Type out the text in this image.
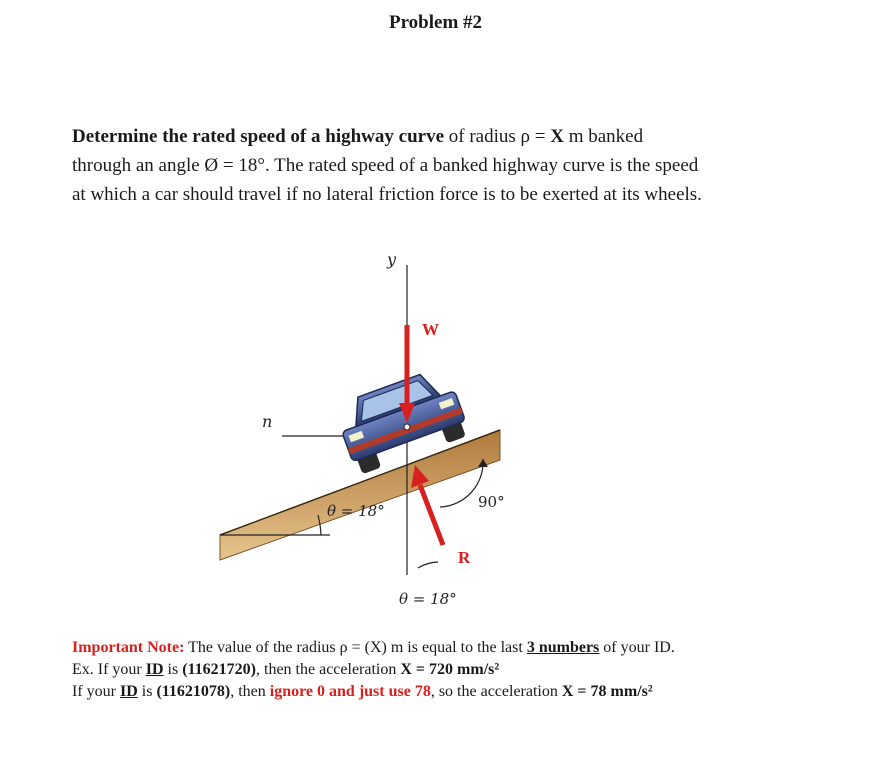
Problem #2
Determine the rated speed of a highway curve of radius ρ = X m banked
through an angle Ø = 18°. The rated speed of a banked highway curve is the speed
at which a car should travel if no lateral friction force is to be exerted at its wheels.
n
y
W
R
90°
θ = 18°
θ = 18°
Important Note: The value of the radius ρ = (X) m is equal to the last 3 numbers of your ID.
Ex. If your ID is (11621720), then the acceleration X = 720 mm/s²
If your ID is (11621078), then ignore 0 and just use 78, so the acceleration X = 78 mm/s²
